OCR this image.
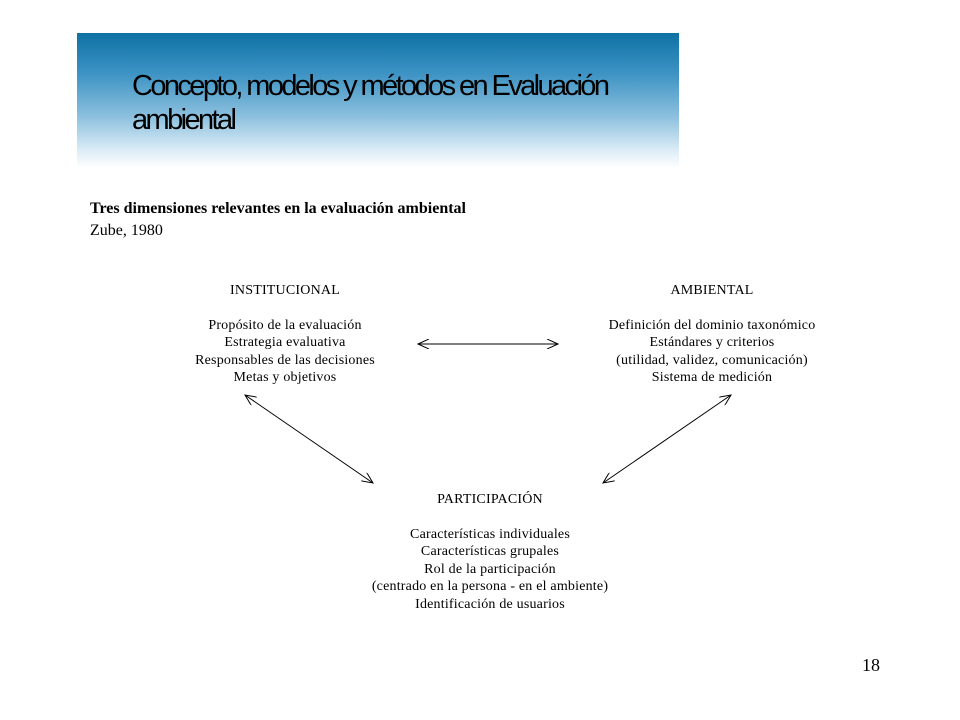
Concepto, modelos y métodos en Evaluación ambiental

Tres dimensiones relevantes en la evaluación ambiental

Zube, 1980

INSTITUCIONAL
Propósito de la evaluación
Estrategia evaluativa
Responsables de las decisiones
Metas y objetivos
AMBIENTAL
Definición del dominio taxonómico
Estándares y criterios
(utilidad, validez, comunicación)
Sistema de medición
PARTICIPACIÓN
Características individuales
Características grupales
Rol de la participación
(centrado en la persona - en el ambiente)
Identificación de usuarios

18
